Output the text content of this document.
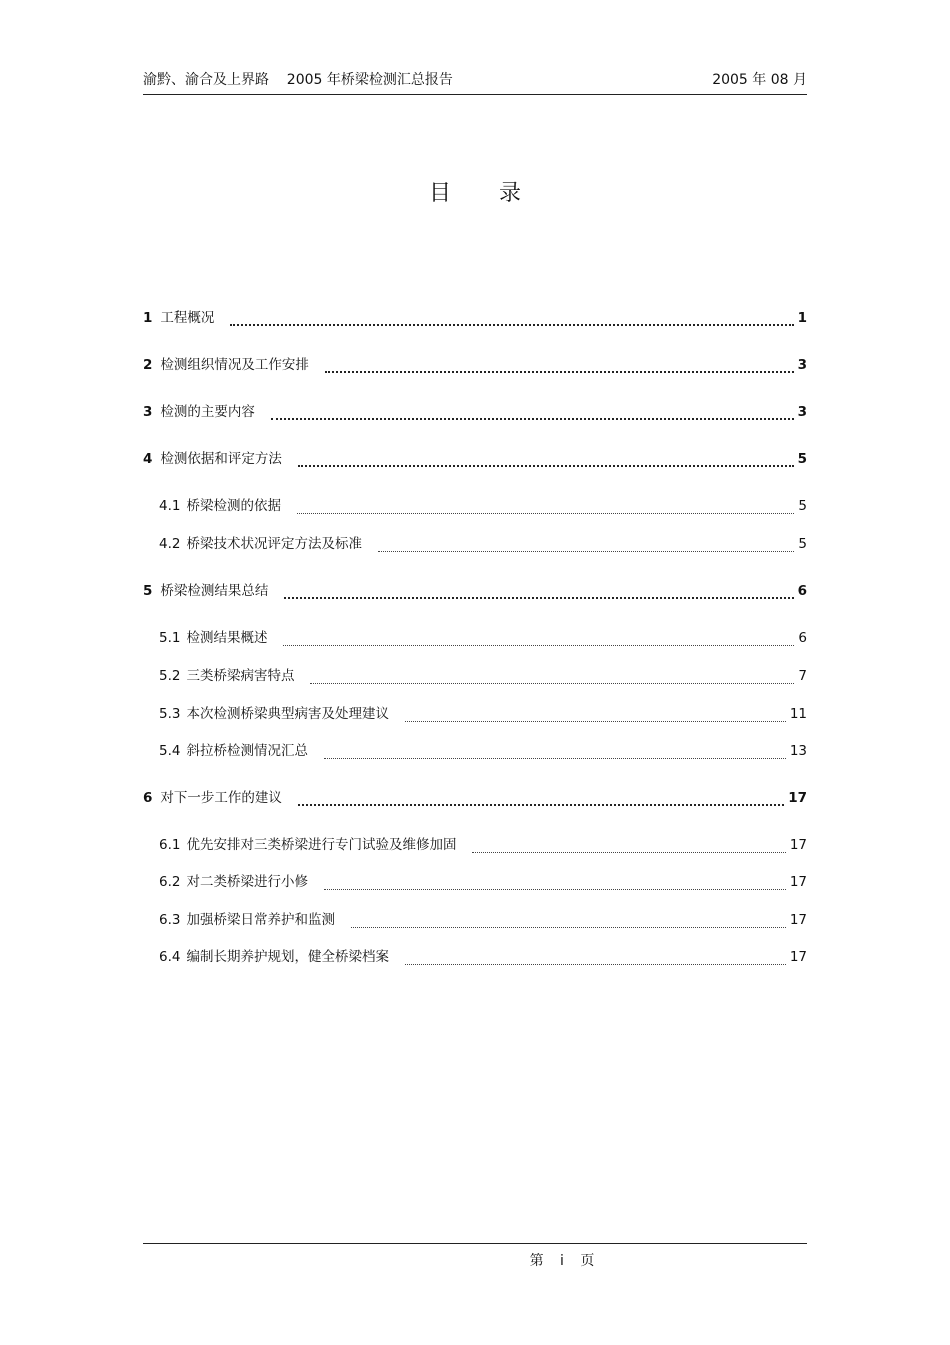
渝黔、渝合及上界路    2005 年桥梁检测汇总报告	2005 年 08 月
目录
1 工程概况	1
2 检测组织情况及工作安排	3
3 检测的主要内容	3
4 检测依据和评定方法	5
4.1 桥梁检测的依据	5
4.2 桥梁技术状况评定方法及标准	5
5 桥梁检测结果总结	6
5.1 检测结果概述	6
5.2 三类桥梁病害特点	7
5.3 本次检测桥梁典型病害及处理建议	11
5.4 斜拉桥检测情况汇总	13
6 对下一步工作的建议	17
6.1 优先安排对三类桥梁进行专门试验及维修加固	17
6.2 对二类桥梁进行小修	17
6.3 加强桥梁日常养护和监测	17
6.4 编制长期养护规划，健全桥梁档案	17
第 i 页
